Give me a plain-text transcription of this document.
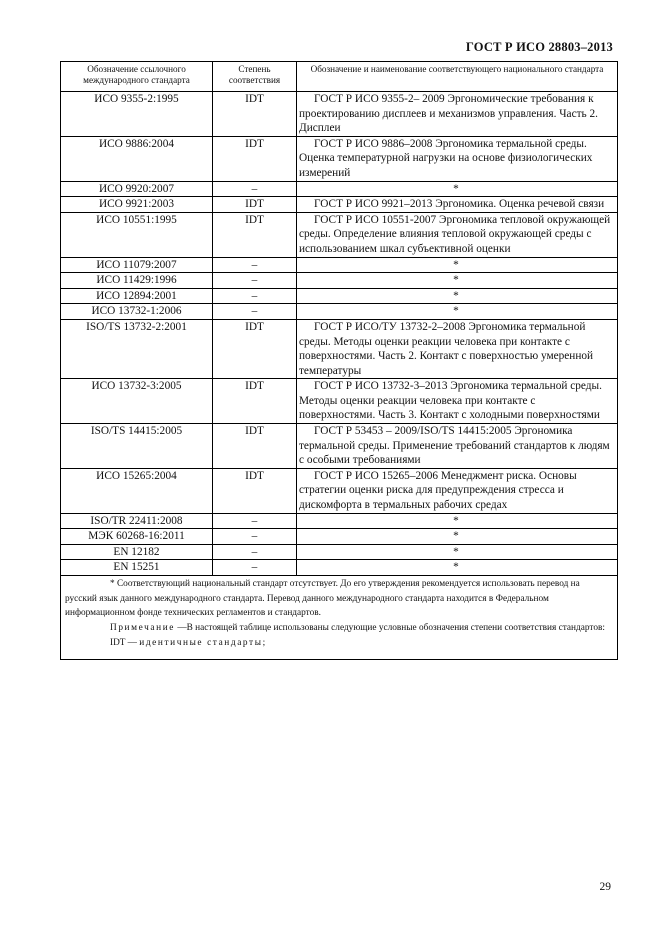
ГОСТ Р ИСО 28803–2013
Обозначение ссылочного международного стандарта	Степень соответствия	Обозначение и наименование соответствующего национального стандарта
ИСО 9355-2:1995	IDT	ГОСТ Р ИСО 9355-2– 2009 Эргономические требования к проектированию дисплеев и механизмов управления. Часть 2. Дисплеи

ИСО 9886:2004	IDT	ГОСТ Р ИСО 9886–2008 Эргономика термальной среды. Оценка температурной нагрузки на основе физиологических измерений

ИСО 9920:2007	–	*
ИСО 9921:2003	IDT	ГОСТ Р ИСО 9921–2013 Эргономика. Оценка речевой связи

ИСО 10551:1995	IDT	ГОСТ Р ИСО 10551-2007 Эргономика тепловой окружающей среды. Определение влияния тепловой окружающей среды с использованием шкал субъективной оценки

ИСО 11079:2007	–	*
ИСО 11429:1996	–	*
ИСО 12894:2001	–	*
ИСО 13732-1:2006	–	*
ISO/TS 13732-2:2001	IDT	ГОСТ Р ИСО/ТУ 13732-2–2008 Эргономика термальной среды. Методы оценки реакции человека при контакте с поверхностями. Часть 2. Контакт с поверхностью умеренной температуры

ИСО 13732-3:2005	IDT	ГОСТ Р ИСО 13732-3–2013 Эргономика термальной среды. Методы оценки реакции человека при контакте с поверхностями. Часть 3. Контакт с холодными поверхностями

ISO/TS 14415:2005	IDT	ГОСТ Р 53453 – 2009/ISO/TS 14415:2005 Эргономика термальной среды. Применение требований стандартов к людям с особыми требованиями

ИСО 15265:2004	IDT	ГОСТ Р ИСО 15265–2006 Менеджмент риска. Основы стратегии оценки риска для предупреждения стресса и дискомфорта в термальных рабочих средах

ISO/TR 22411:2008	–	*
МЭК 60268-16:2011	–	*
EN 12182	–	*
EN 15251	–	*

* Соответствующий национальный стандарт отсутствует. До его утверждения рекомендуется использовать перевод на русский язык данного международного стандарта. Перевод данного международного стандарта находится в Федеральном информационном фонде технических регламентов и стандартов.

Примечание —В настоящей таблице использованы следующие условные обозначения степени соответствия стандартов:

IDT — идентичные стандарты;		

29
